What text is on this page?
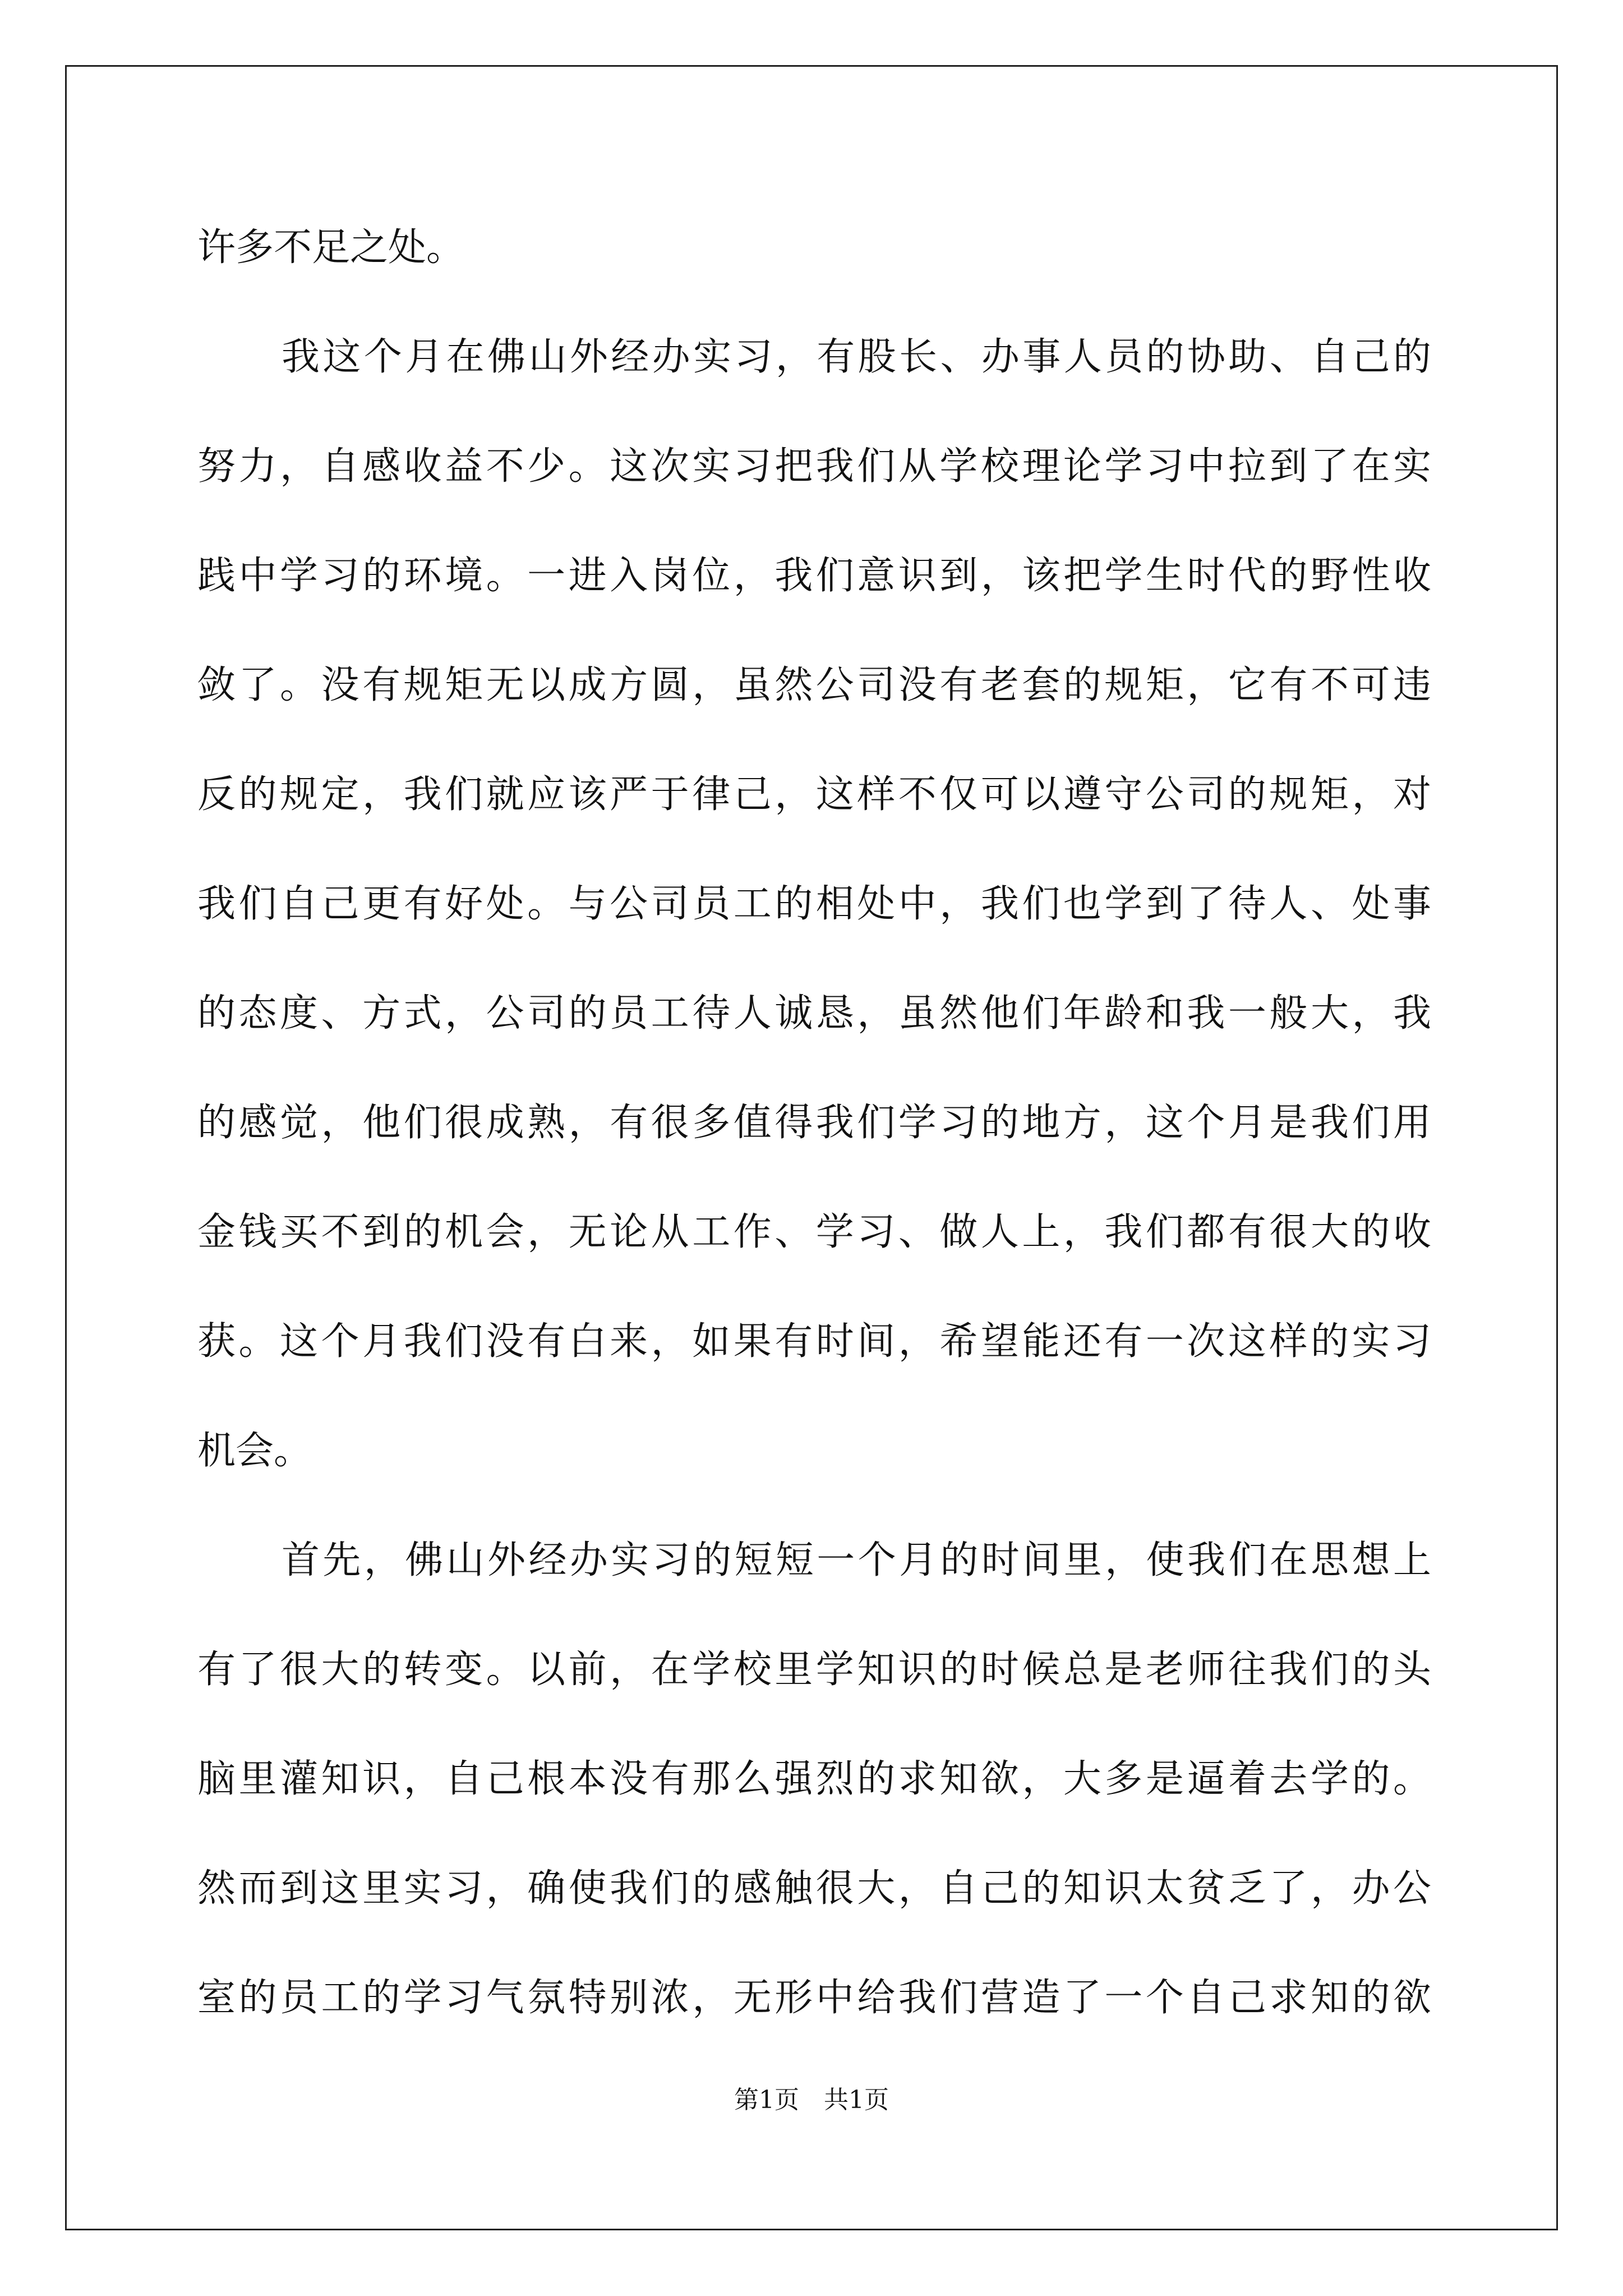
许多不足之处。
我这个月在佛山外经办实习，有股长、办事人员的协助、自己的
努力，自感收益不少。这次实习把我们从学校理论学习中拉到了在实
践中学习的环境。一进入岗位，我们意识到，该把学生时代的野性收
敛了。没有规矩无以成方圆，虽然公司没有老套的规矩，它有不可违
反的规定，我们就应该严于律己，这样不仅可以遵守公司的规矩，对
我们自己更有好处。与公司员工的相处中，我们也学到了待人、处事
的态度、方式，公司的员工待人诚恳，虽然他们年龄和我一般大，我
的感觉，他们很成熟，有很多值得我们学习的地方，这个月是我们用
金钱买不到的机会，无论从工作、学习、做人上，我们都有很大的收
获。这个月我们没有白来，如果有时间，希望能还有一次这样的实习
机会。
首先，佛山外经办实习的短短一个月的时间里，使我们在思想上
有了很大的转变。以前，在学校里学知识的时候总是老师往我们的头
脑里灌知识，自己根本没有那么强烈的求知欲，大多是逼着去学的。
然而到这里实习，确使我们的感触很大，自己的知识太贫乏了，办公
室的员工的学习气氛特别浓，无形中给我们营造了一个自己求知的欲
第1页　共1页
